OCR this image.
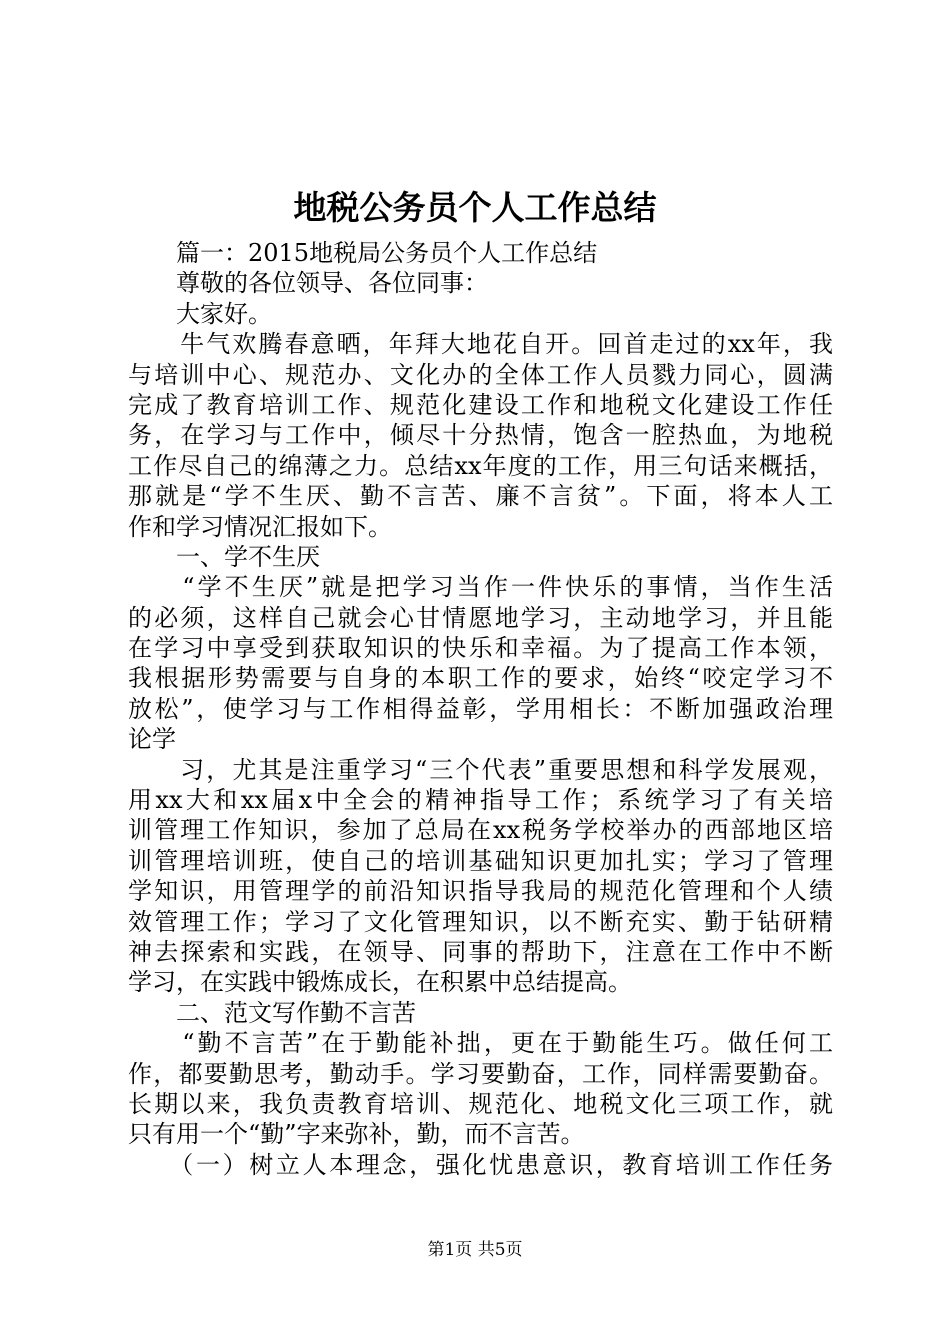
地税公务员个人工作总结
　　篇一：2015地税局公务员个人工作总结
　　尊敬的各位领导、各位同事：
　　大家好。
　　牛气欢腾春意晒，年拜大地花自开。回首走过的xx年，我
与培训中心、规范办、文化办的全体工作人员戮力同心，圆满
完成了教育培训工作、规范化建设工作和地税文化建设工作任
务，在学习与工作中，倾尽十分热情，饱含一腔热血，为地税
工作尽自己的绵薄之力。总结xx年度的工作，用三句话来概括，
那就是“学不生厌、勤不言苦、廉不言贫”。下面，将本人工
作和学习情况汇报如下。
　　一、学不生厌
　　“学不生厌”就是把学习当作一件快乐的事情，当作生活
的必须，这样自己就会心甘情愿地学习，主动地学习，并且能
在学习中享受到获取知识的快乐和幸福。为了提高工作本领，
我根据形势需要与自身的本职工作的要求，始终“咬定学习不
放松”，使学习与工作相得益彰，学用相长：不断加强政治理
论学
　　习，尤其是注重学习“三个代表”重要思想和科学发展观，
用xx大和xx届x中全会的精神指导工作；系统学习了有关培
训管理工作知识，参加了总局在xx税务学校举办的西部地区培
训管理培训班，使自己的培训基础知识更加扎实；学习了管理
学知识，用管理学的前沿知识指导我局的规范化管理和个人绩
效管理工作；学习了文化管理知识，以不断充实、勤于钻研精
神去探索和实践，在领导、同事的帮助下，注意在工作中不断
学习，在实践中锻炼成长，在积累中总结提高。
　　二、范文写作勤不言苦
　　“勤不言苦”在于勤能补拙，更在于勤能生巧。做任何工
作，都要勤思考，勤动手。学习要勤奋，工作，同样需要勤奋。
长期以来，我负责教育培训、规范化、地税文化三项工作，就
只有用一个“勤”字来弥补，勤，而不言苦。
　　（一）树立人本理念，强化忧患意识，教育培训工作任务
第1页 共5页
